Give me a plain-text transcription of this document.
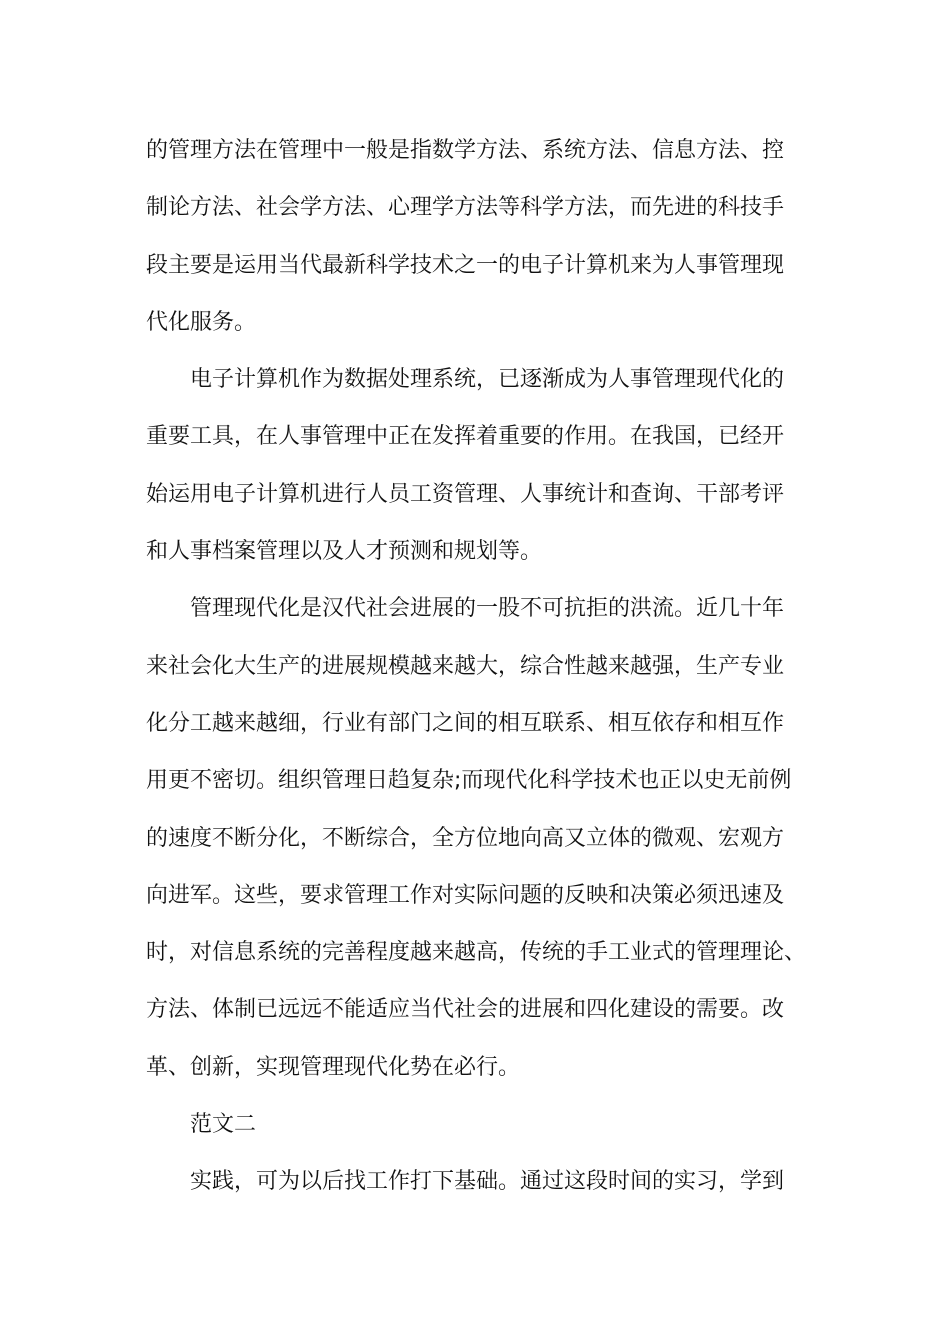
的管理方法在管理中一般是指数学方法、系统方法、信息方法、控
制论方法、社会学方法、心理学方法等科学方法，而先进的科技手
段主要是运用当代最新科学技术之一的电子计算机来为人事管理现
代化服务。
电子计算机作为数据处理系统，已逐渐成为人事管理现代化的
重要工具，在人事管理中正在发挥着重要的作用。在我国，已经开
始运用电子计算机进行人员工资管理、人事统计和查询、干部考评
和人事档案管理以及人才预测和规划等。
管理现代化是汉代社会进展的一股不可抗拒的洪流。近几十年
来社会化大生产的进展规模越来越大，综合性越来越强，生产专业
化分工越来越细，行业有部门之间的相互联系、相互依存和相互作
用更不密切。组织管理日趋复杂;而现代化科学技术也正以史无前例
的速度不断分化，不断综合，全方位地向高又立体的微观、宏观方
向进军。这些，要求管理工作对实际问题的反映和决策必须迅速及
时，对信息系统的完善程度越来越高，传统的手工业式的管理理论、
方法、体制已远远不能适应当代社会的进展和四化建设的需要。改
革、创新，实现管理现代化势在必行。
范文二
实践，可为以后找工作打下基础。通过这段时间的实习，学到
